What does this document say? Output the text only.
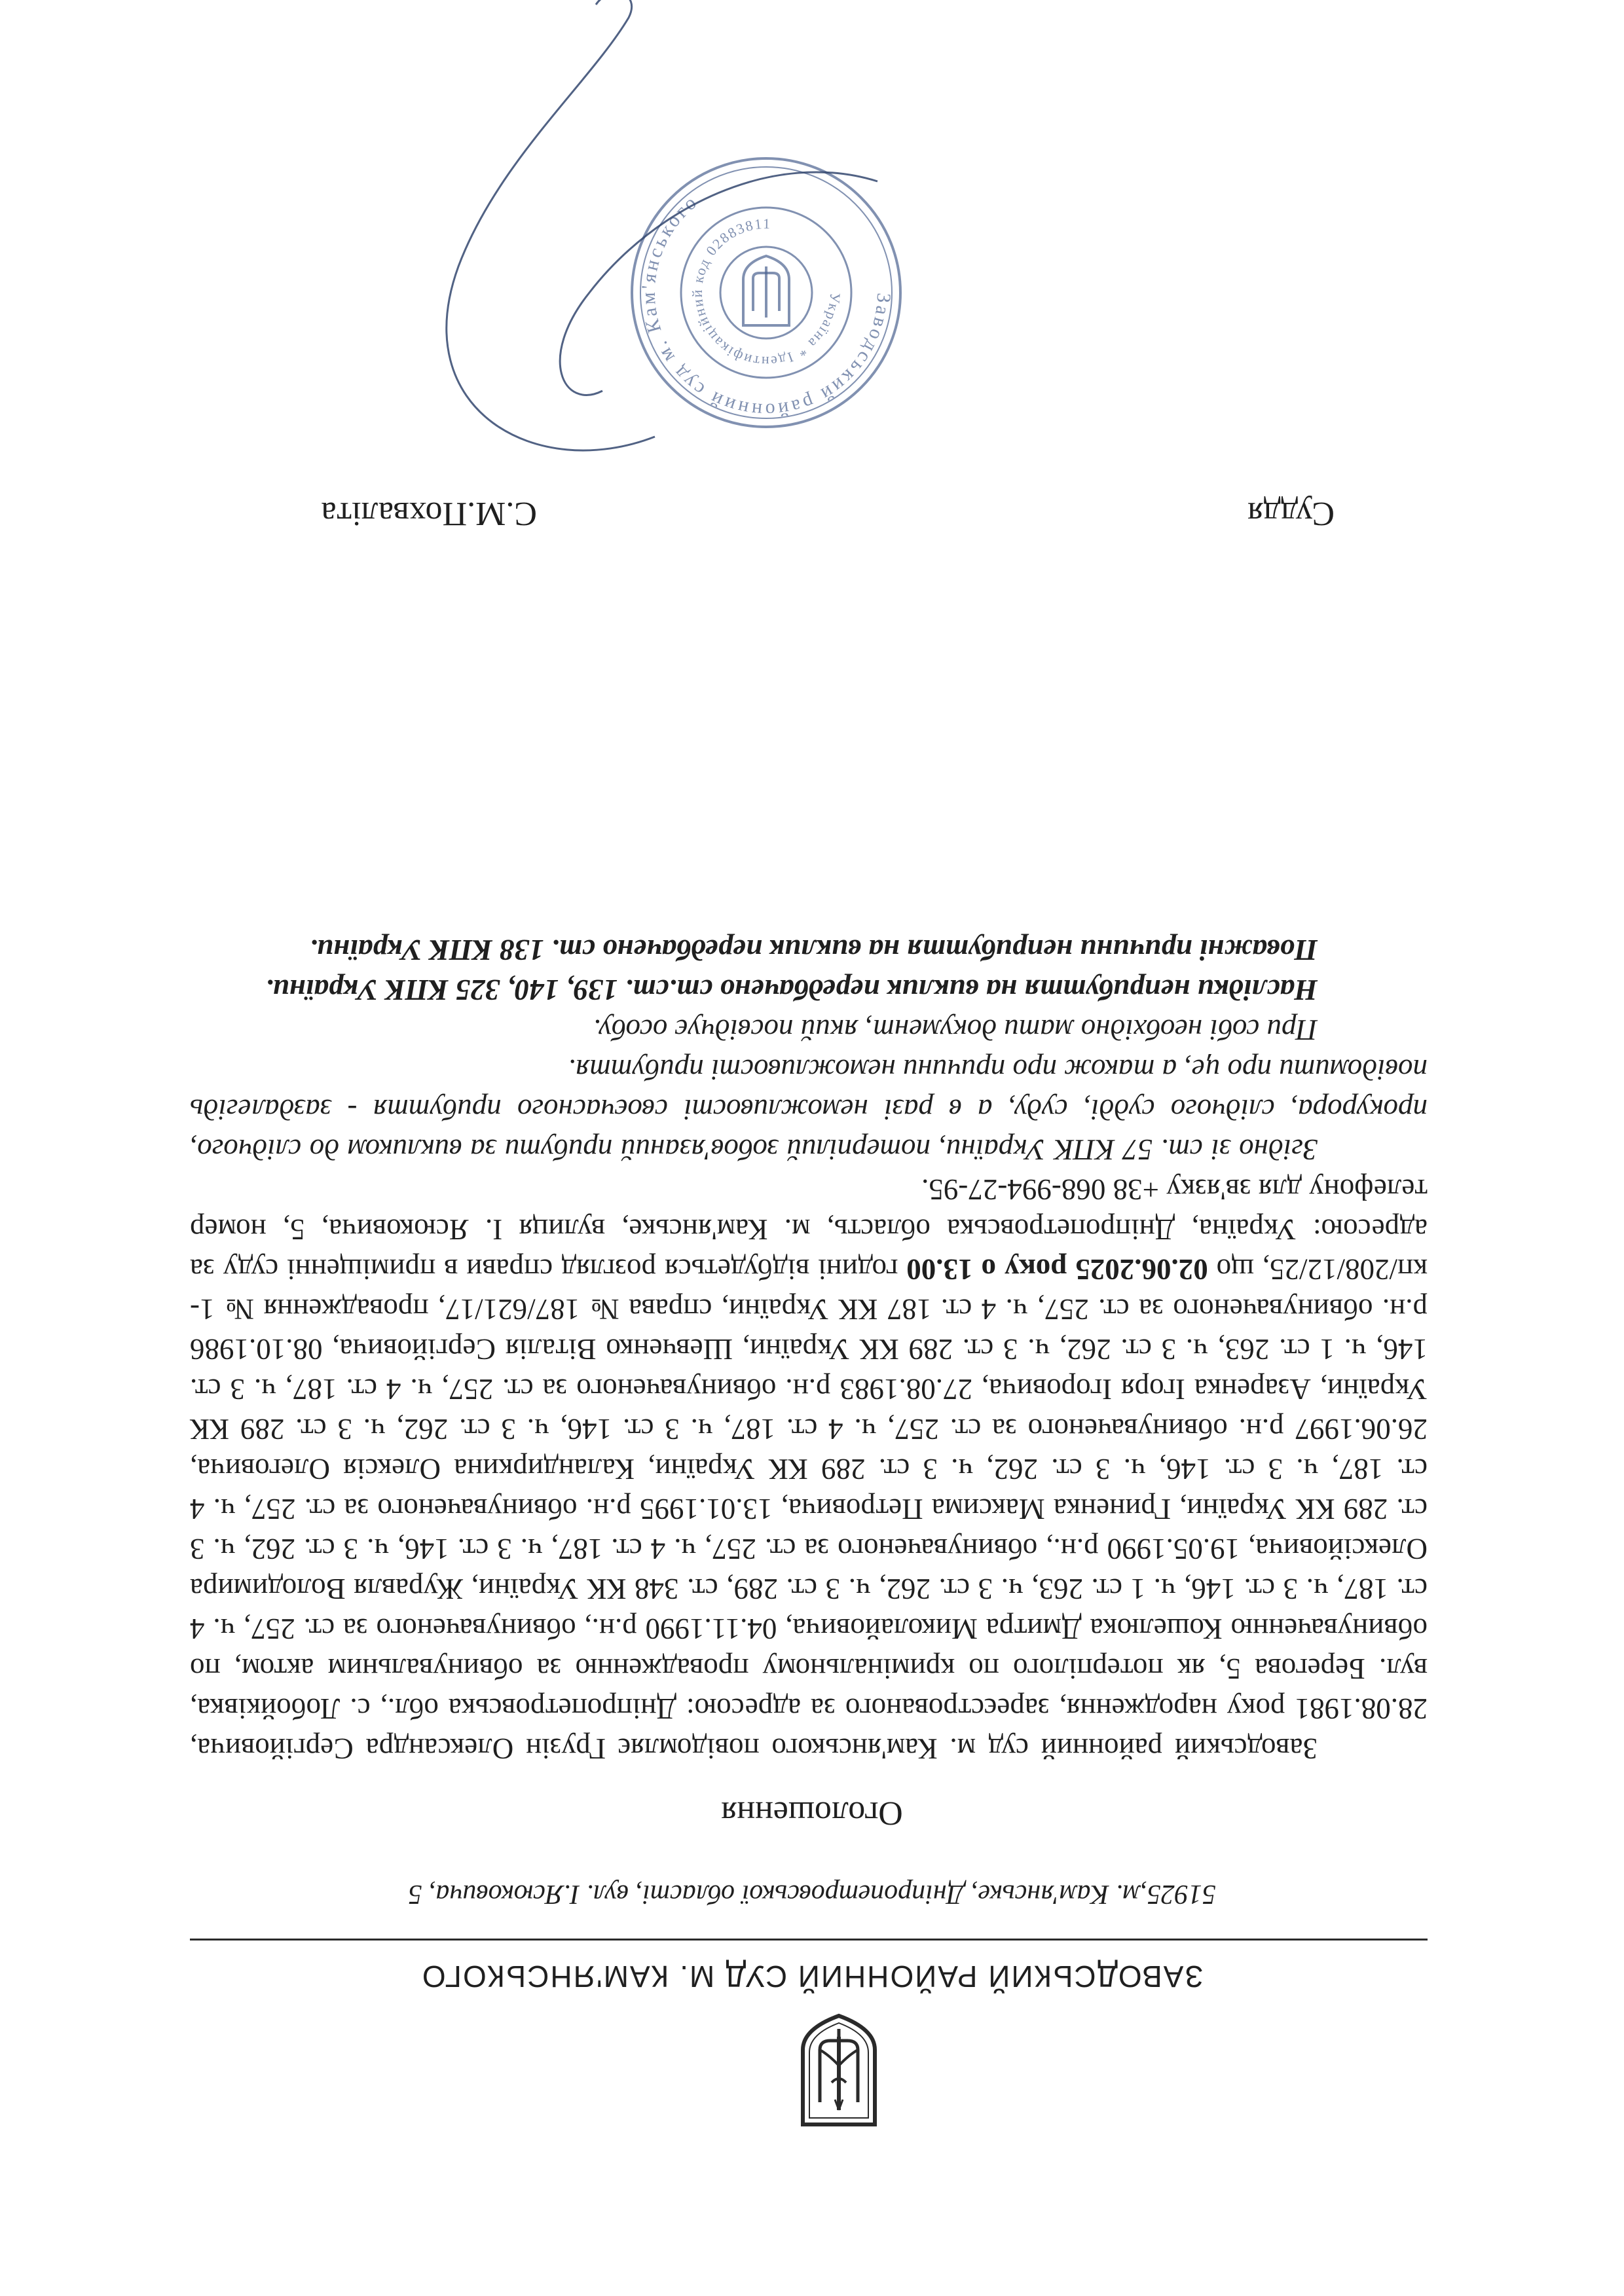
ЗАВОДСЬКИЙ РАЙОННИЙ СУД М. КАМ'ЯНСЬКОГО
51925,м. Кам'янське, Дніпропетровської області, вул. І.Ясюковича, 5
Оголошення

Заводський районний суд м. Кам'янського повідомляє Грузін Олександра Сергійовича, 28.08.1981 року народження, зареєстрованого за адресою: Дніпропетровська обл., с. Лобойківка, вул. Берегова 5, як потерпілого по кримінальному провадженню за обвинувальним актом, по обвинуваченню Кошелюка Дмитра Миколайовича, 04.11.1990 р.н., обвинуваченого за ст. 257, ч. 4 ст. 187, ч. 3 ст. 146, ч. 1 ст. 263, ч. 3 ст. 262, ч. 3 ст. 289, ст. 348 КК України, Журавля Володимира Олексійовича, 19.05.1990 р.н., обвинуваченого за ст. 257, ч. 4 ст. 187, ч. 3 ст. 146, ч. 3 ст. 262, ч. 3 ст. 289 КК України, Гриненка Максима Петровича, 13.01.1995 р.н. обвинуваченого за ст. 257, ч. 4 ст. 187, ч. 3 ст. 146, ч. 3 ст. 262, ч. 3 ст. 289 КК України, Каландиркина Олексія Олеговича, 26.06.1997 р.н. обвинуваченого за ст. 257, ч. 4 ст. 187, ч. 3 ст. 146, ч. 3 ст. 262, ч. 3 ст. 289 КК України, Азаренка Ігоря Ігоровича, 27.08.1983 р.н. обвинуваченого за ст. 257, ч. 4 ст. 187, ч. 3 ст. 146, ч. 1 ст. 263, ч. 3 ст. 262, ч. 3 ст. 289 КК України, Шевченко Віталія Сергійовича, 08.10.1986 р.н. обвинуваченого за ст. 257, ч. 4 ст. 187 КК України, справа № 187/621/17, провадження № 1-кп/208/12/25, що 02.06.2025 року о 13.00 годині відбудеться розгляд справи в приміщенні суду за адресою: Україна, Дніпропетровська область, м. Кам'янське, вулиця І. Ясюковича, 5, номер телефону для зв'язку +38 068-994-27-95.

Згідно зі ст. 57 КПК України, потерпілий зобов'язаний прибути за викликом до слідчого, прокурора, слідчого судді, суду, а в разі неможливості своєчасного прибуття - заздалегідь повідомити про це, а також про причини неможливості прибуття.

При собі необхідно мати документ, який посвідчує особу.

Наслідки неприбуття на виклик передбачено ст.ст. 139, 140, 325 КПК України.

Поважні причини неприбуття на виклик передбачено ст. 138 КПК України.

Суддя
С.М.Похваліта
Заводський районний суд м. Кам'янського
Україна * Ідентифікаційний код 02883811
